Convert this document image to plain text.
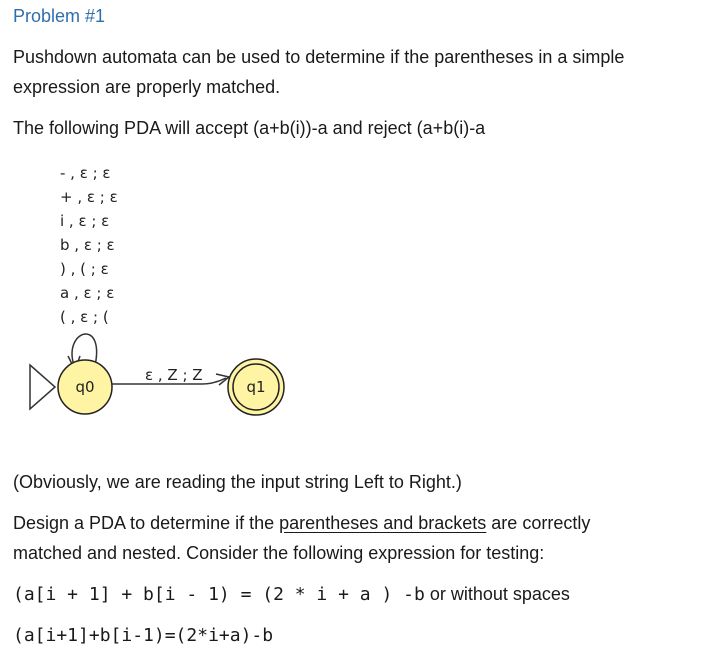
Problem #1
Pushdown automata can be used to determine if the parentheses in a simple
expression are properly matched.
The following PDA will accept (a+b(i))-a and reject (a+b(i)-a
- , ε ; ε
+ , ε ; ε
i , ε ; ε
b , ε ; ε
) , ( ; ε
a , ε ; ε
( , ε ; (
q0
ε , Z ; Z
q1
(Obviously, we are reading the input string Left to Right.)
Design a PDA to determine if the parentheses and brackets are correctly
matched and nested. Consider the following expression for testing:
(a[i + 1] + b[i - 1) = (2 * i + a ) -b or without spaces
(a[i+1]+b[i-1)=(2*i+a)-b
